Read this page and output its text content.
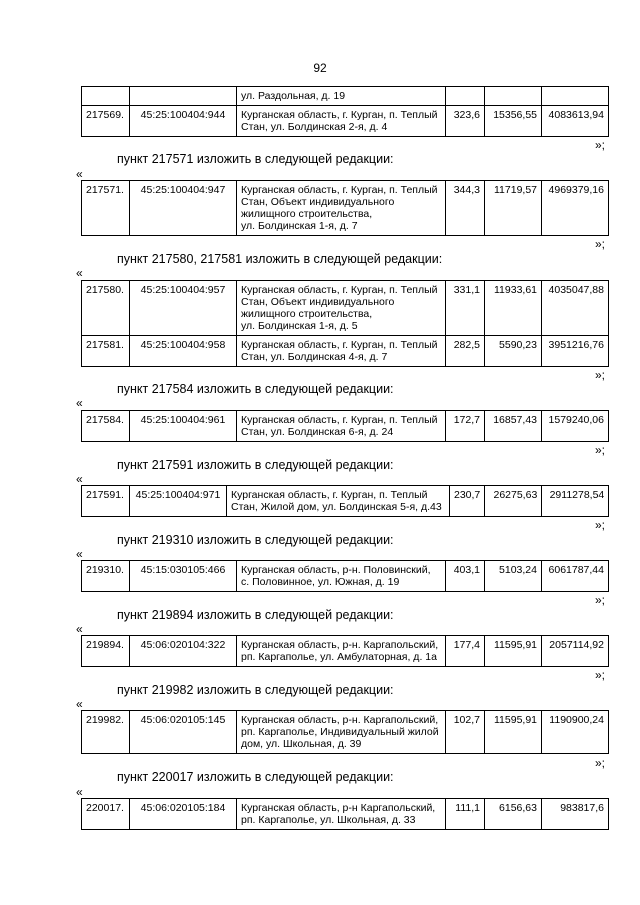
92
		ул. Раздольная, д. 19			
217569.	45:25:100404:944	Курганская область, г. Курган, п. Теплый
Стан, ул. Болдинская 2-я, д. 4	323,6	15356,55	4083613,94
»;
пункт 217571 изложить в следующей редакции:
«
217571.	45:25:100404:947	Курганская область, г. Курган, п. Теплый
Стан, Объект индивидуального
жилищного строительства,
ул. Болдинская 1-я, д. 7
	344,3	11719,57	4969379,16
»;
пункт 217580, 217581 изложить в следующей редакции:
«
217580.	45:25:100404:957	Курганская область, г. Курган, п. Теплый
Стан, Объект индивидуального
жилищного строительства,
ул. Болдинская 1-я, д. 5	331,1	11933,61	4035047,88
217581.	45:25:100404:958	Курганская область, г. Курган, п. Теплый
Стан, ул. Болдинская 4-я, д. 7	282,5	5590,23	3951216,76
»;
пункт 217584 изложить в следующей редакции:
«
217584.	45:25:100404:961	Курганская область, г. Курган, п. Теплый
Стан, ул. Болдинская 6-я, д. 24
	172,7	16857,43	1579240,06
»;
пункт 217591 изложить в следующей редакции:
«
217591.	45:25:100404:971	Курганская область, г. Курган, п. Теплый
Стан, Жилой дом, ул. Болдинская 5-я, д.43
	230,7	26275,63	2911278,54
»;
пункт 219310 изложить в следующей редакции:
«
219310.	45:15:030105:466	Курганская область, р-н. Половинский,
с. Половинное, ул. Южная, д. 19
	403,1	5103,24	6061787,44
»;
пункт 219894 изложить в следующей редакции:
«
219894.	45:06:020104:322	Курганская область, р-н. Каргапольский,
рп. Каргаполье, ул. Амбулаторная, д. 1а
	177,4	11595,91	2057114,92
»;
пункт 219982 изложить в следующей редакции:
«
219982.	45:06:020105:145	Курганская область, р-н. Каргапольский,
рп. Каргаполье, Индивидуальный жилой
дом, ул. Школьная, д. 39
	102,7	11595,91	1190900,24
»;
пункт 220017 изложить в следующей редакции:
«
220017.	45:06:020105:184	Курганская область, р-н Каргапольский,
рп. Каргаполье, ул. Школьная, д. 33
	111,1	6156,63	983817,6
